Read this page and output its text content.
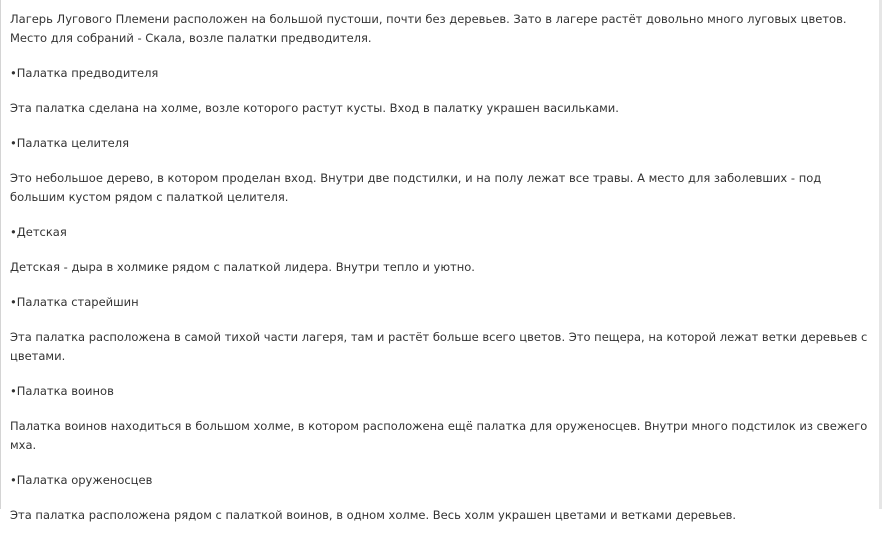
Лагерь Лугового Племени расположен на большой пустоши, почти без деревьев. Зато в лагере растёт довольно много луговых цветов. Место для собраний - Скала, возле палатки предводителя.

•Палатка предводителя

Эта палатка сделана на холме, возле которого растут кусты. Вход в палатку украшен васильками.

•Палатка целителя

Это небольшое дерево, в котором проделан вход. Внутри две подстилки, и на полу лежат все травы. А место для заболевших - под большим кустом рядом с палаткой целителя.

•Детская

Детская - дыра в холмике рядом с палаткой лидера. Внутри тепло и уютно.

•Палатка старейшин

Эта палатка расположена в самой тихой части лагеря, там и растёт больше всего цветов. Это пещера, на которой лежат ветки деревьев с цветами.

•Палатка воинов

Палатка воинов находиться в большом холме, в котором расположена ещё палатка для оруженосцев. Внутри много подстилок из свежего мха.

•Палатка оруженосцев

Эта палатка расположена рядом с палаткой воинов, в одном холме. Весь холм украшен цветами и ветками деревьев.
